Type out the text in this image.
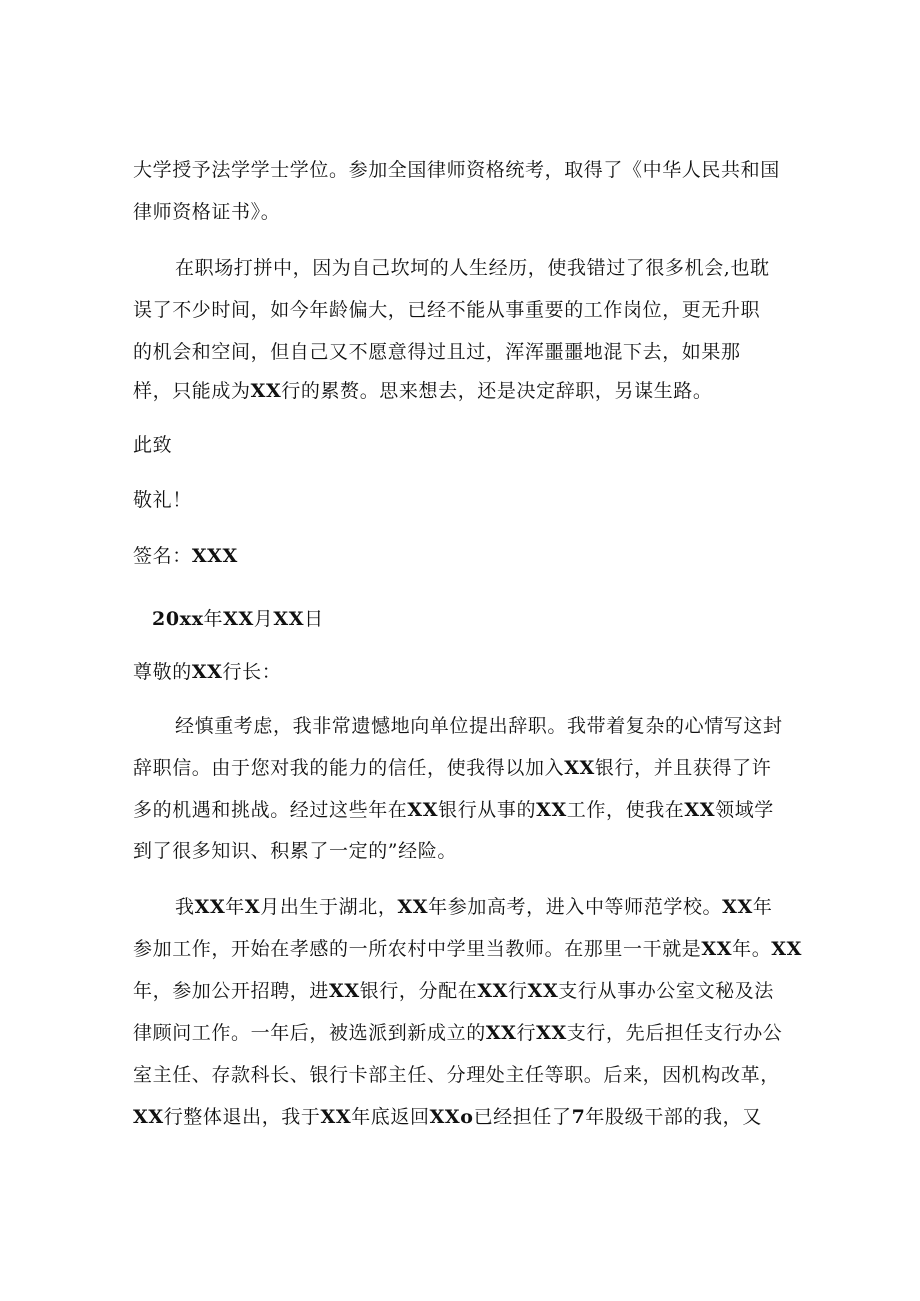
大学授予法学学士学位。参加全国律师资格统考，取得了《中华人民共和国
律师资格证书》。
在职场打拼中，因为自己坎坷的人生经历，使我错过了很多机会,也耽
误了不少时间，如今年龄偏大，已经不能从事重要的工作岗位，更无升职
的机会和空间，但自己又不愿意得过且过，浑浑噩噩地混下去，如果那
样，只能成为XX行的累赘。思来想去，还是决定辞职，另谋生路。
此致
敬礼！
签名：XXX
20xx年XX月XX日
尊敬的XX行长：
经慎重考虑，我非常遗憾地向单位提出辞职。我带着复杂的心情写这封
辞职信。由于您对我的能力的信任，使我得以加入XX银行，并且获得了许
多的机遇和挑战。经过这些年在XX银行从事的XX工作，使我在XX领域学
到了很多知识、积累了一定的”经险。
我XX年X月出生于湖北，XX年参加高考，进入中等师范学校。XX年
参加工作，开始在孝感的一所农村中学里当教师。在那里一干就是XX年。XX
年，参加公开招聘，进XX银行，分配在XX行XX支行从事办公室文秘及法
律顾问工作。一年后，被选派到新成立的XX行XX支行，先后担任支行办公
室主任、存款科长、银行卡部主任、分理处主任等职。后来，因机构改革，
XX行整体退出，我于XX年底返回XXo已经担任了7年股级干部的我，又
